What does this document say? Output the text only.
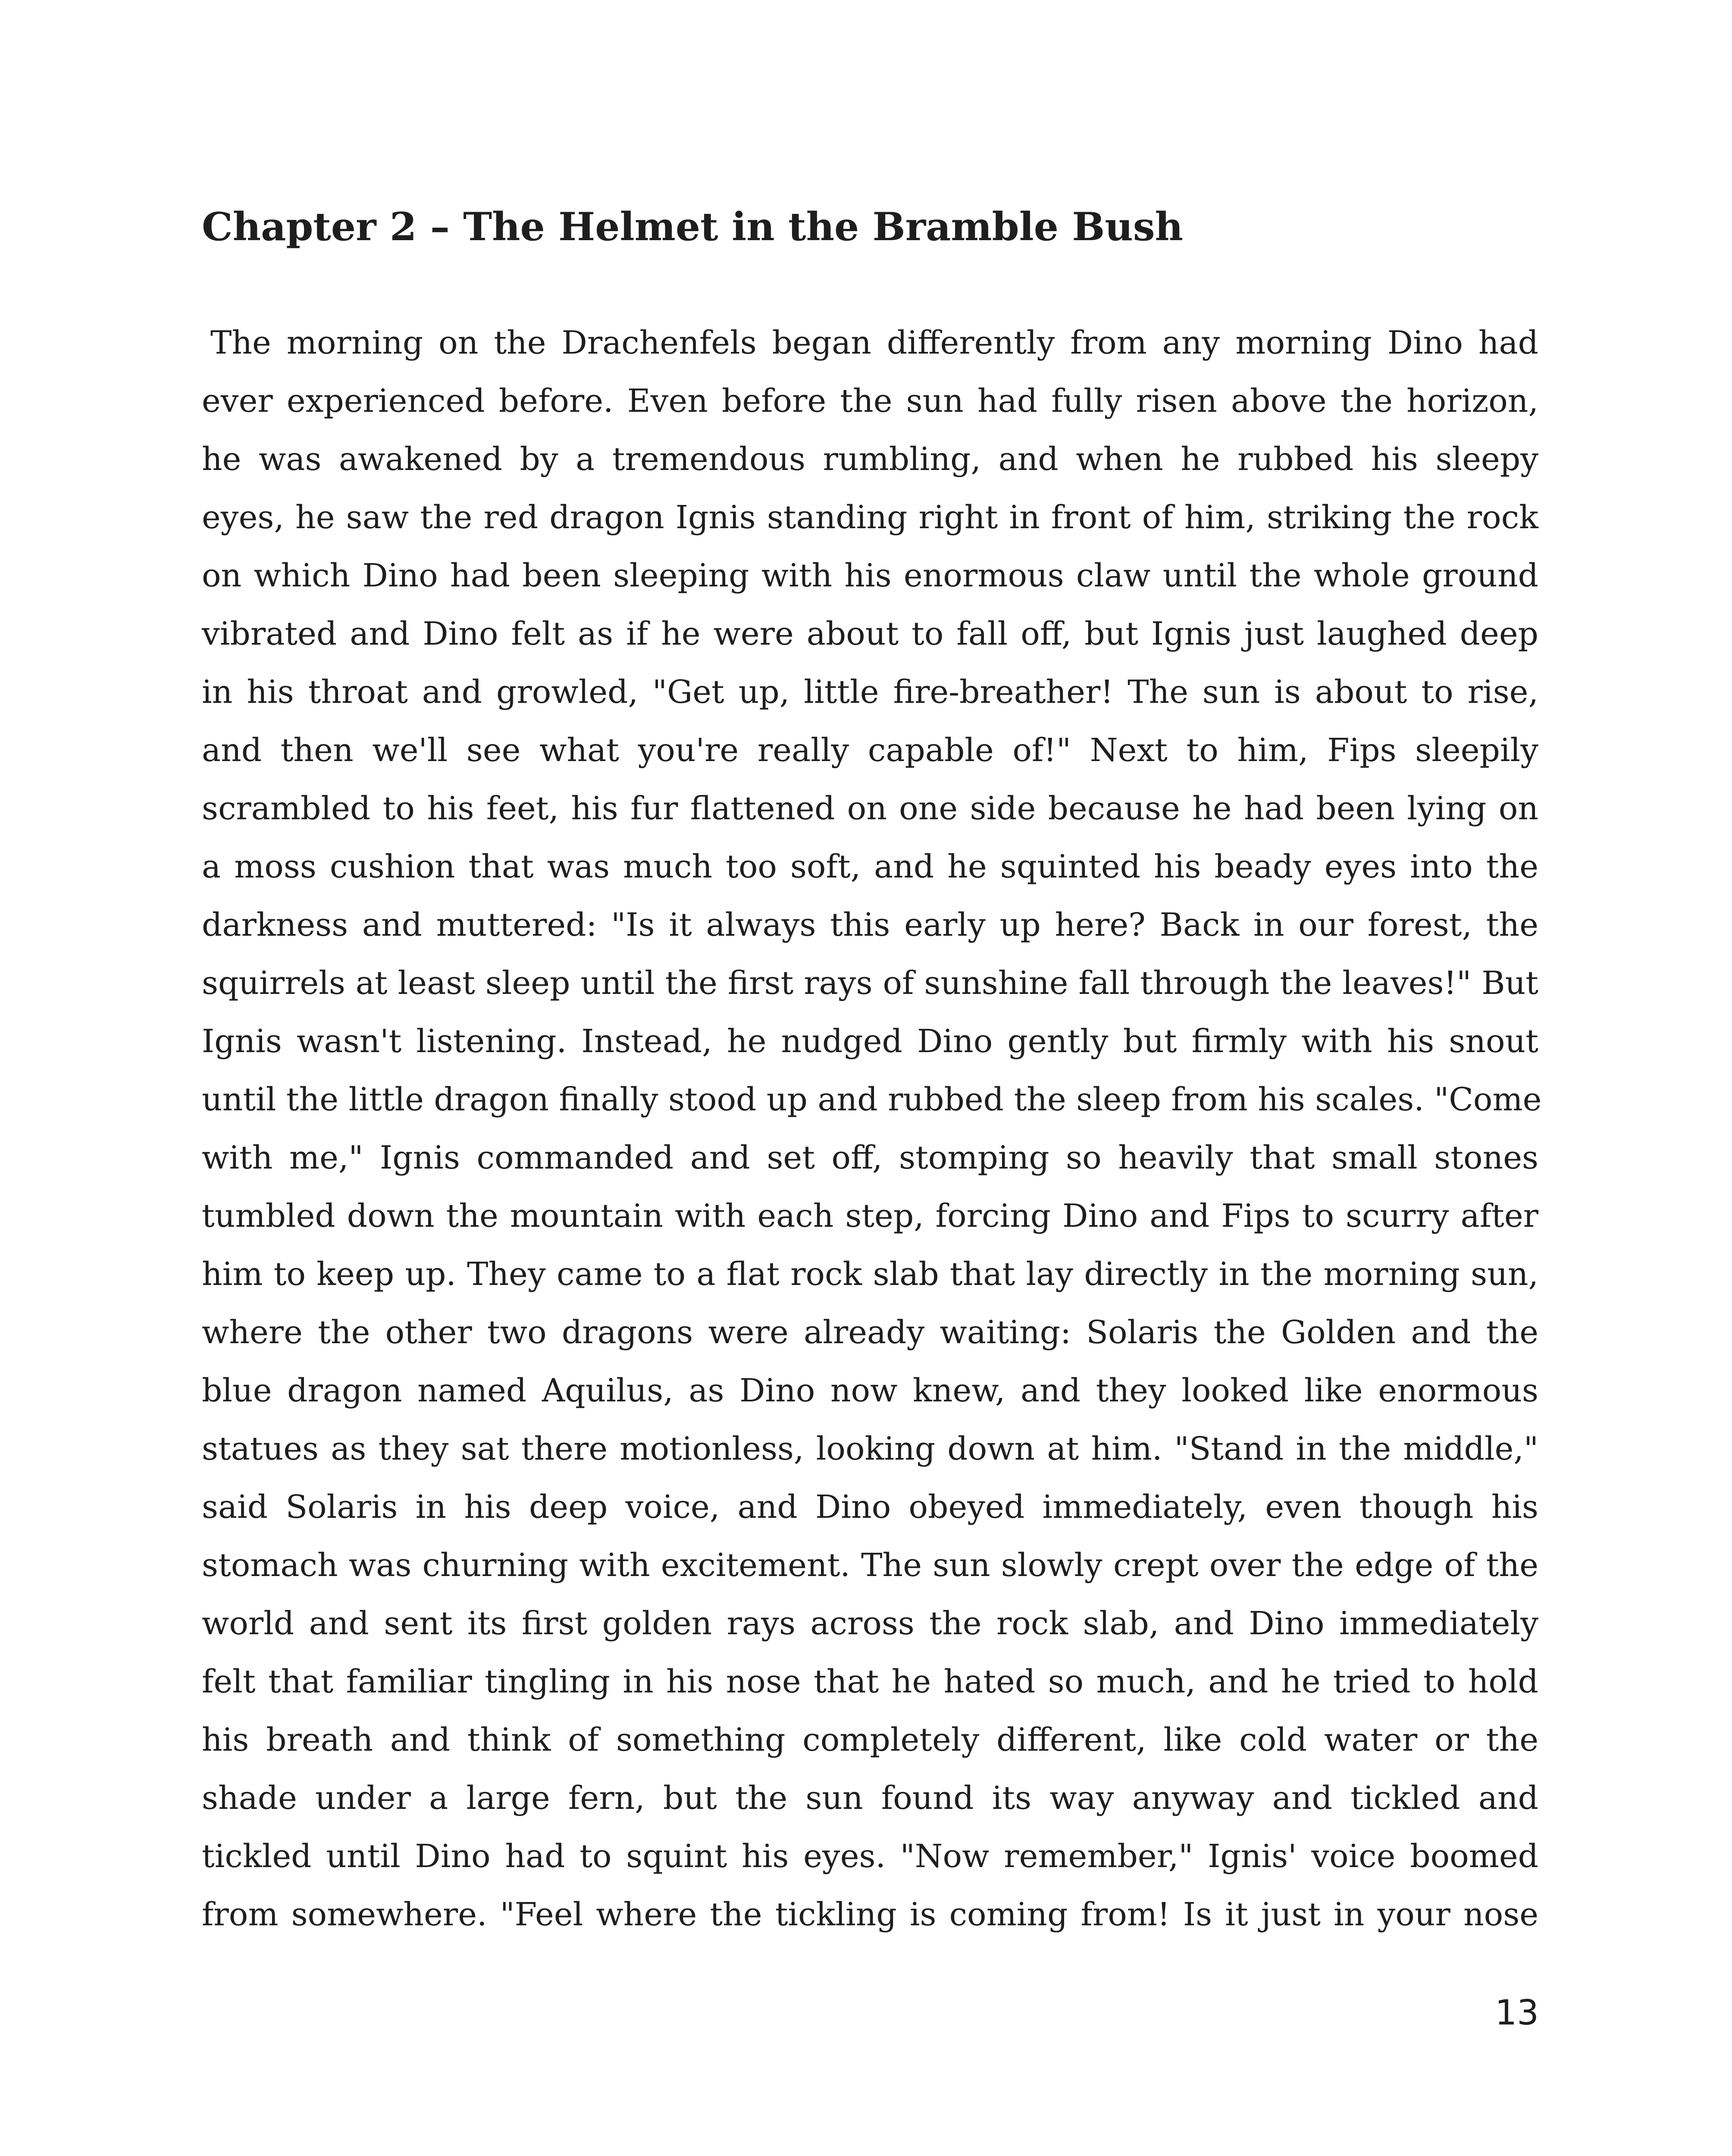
Chapter 2 – The Helmet in the Bramble Bush
The morning on the Drachenfels began differently from any morning Dino had
ever experienced before. Even before the sun had fully risen above the horizon,
he was awakened by a tremendous rumbling, and when he rubbed his sleepy
eyes, he saw the red dragon Ignis standing right in front of him, striking the rock
on which Dino had been sleeping with his enormous claw until the whole ground
vibrated and Dino felt as if he were about to fall off, but Ignis just laughed deep
in his throat and growled, "Get up, little fire-breather! The sun is about to rise,
and then we'll see what you're really capable of!" Next to him, Fips sleepily
scrambled to his feet, his fur flattened on one side because he had been lying on
a moss cushion that was much too soft, and he squinted his beady eyes into the
darkness and muttered: "Is it always this early up here? Back in our forest, the
squirrels at least sleep until the first rays of sunshine fall through the leaves!" But
Ignis wasn't listening. Instead, he nudged Dino gently but firmly with his snout
until the little dragon finally stood up and rubbed the sleep from his scales. "Come
with me," Ignis commanded and set off, stomping so heavily that small stones
tumbled down the mountain with each step, forcing Dino and Fips to scurry after
him to keep up. They came to a flat rock slab that lay directly in the morning sun,
where the other two dragons were already waiting: Solaris the Golden and the
blue dragon named Aquilus, as Dino now knew, and they looked like enormous
statues as they sat there motionless, looking down at him. "Stand in the middle,"
said Solaris in his deep voice, and Dino obeyed immediately, even though his
stomach was churning with excitement. The sun slowly crept over the edge of the
world and sent its first golden rays across the rock slab, and Dino immediately
felt that familiar tingling in his nose that he hated so much, and he tried to hold
his breath and think of something completely different, like cold water or the
shade under a large fern, but the sun found its way anyway and tickled and
tickled until Dino had to squint his eyes. "Now remember," Ignis' voice boomed
from somewhere. "Feel where the tickling is coming from! Is it just in your nose
13
